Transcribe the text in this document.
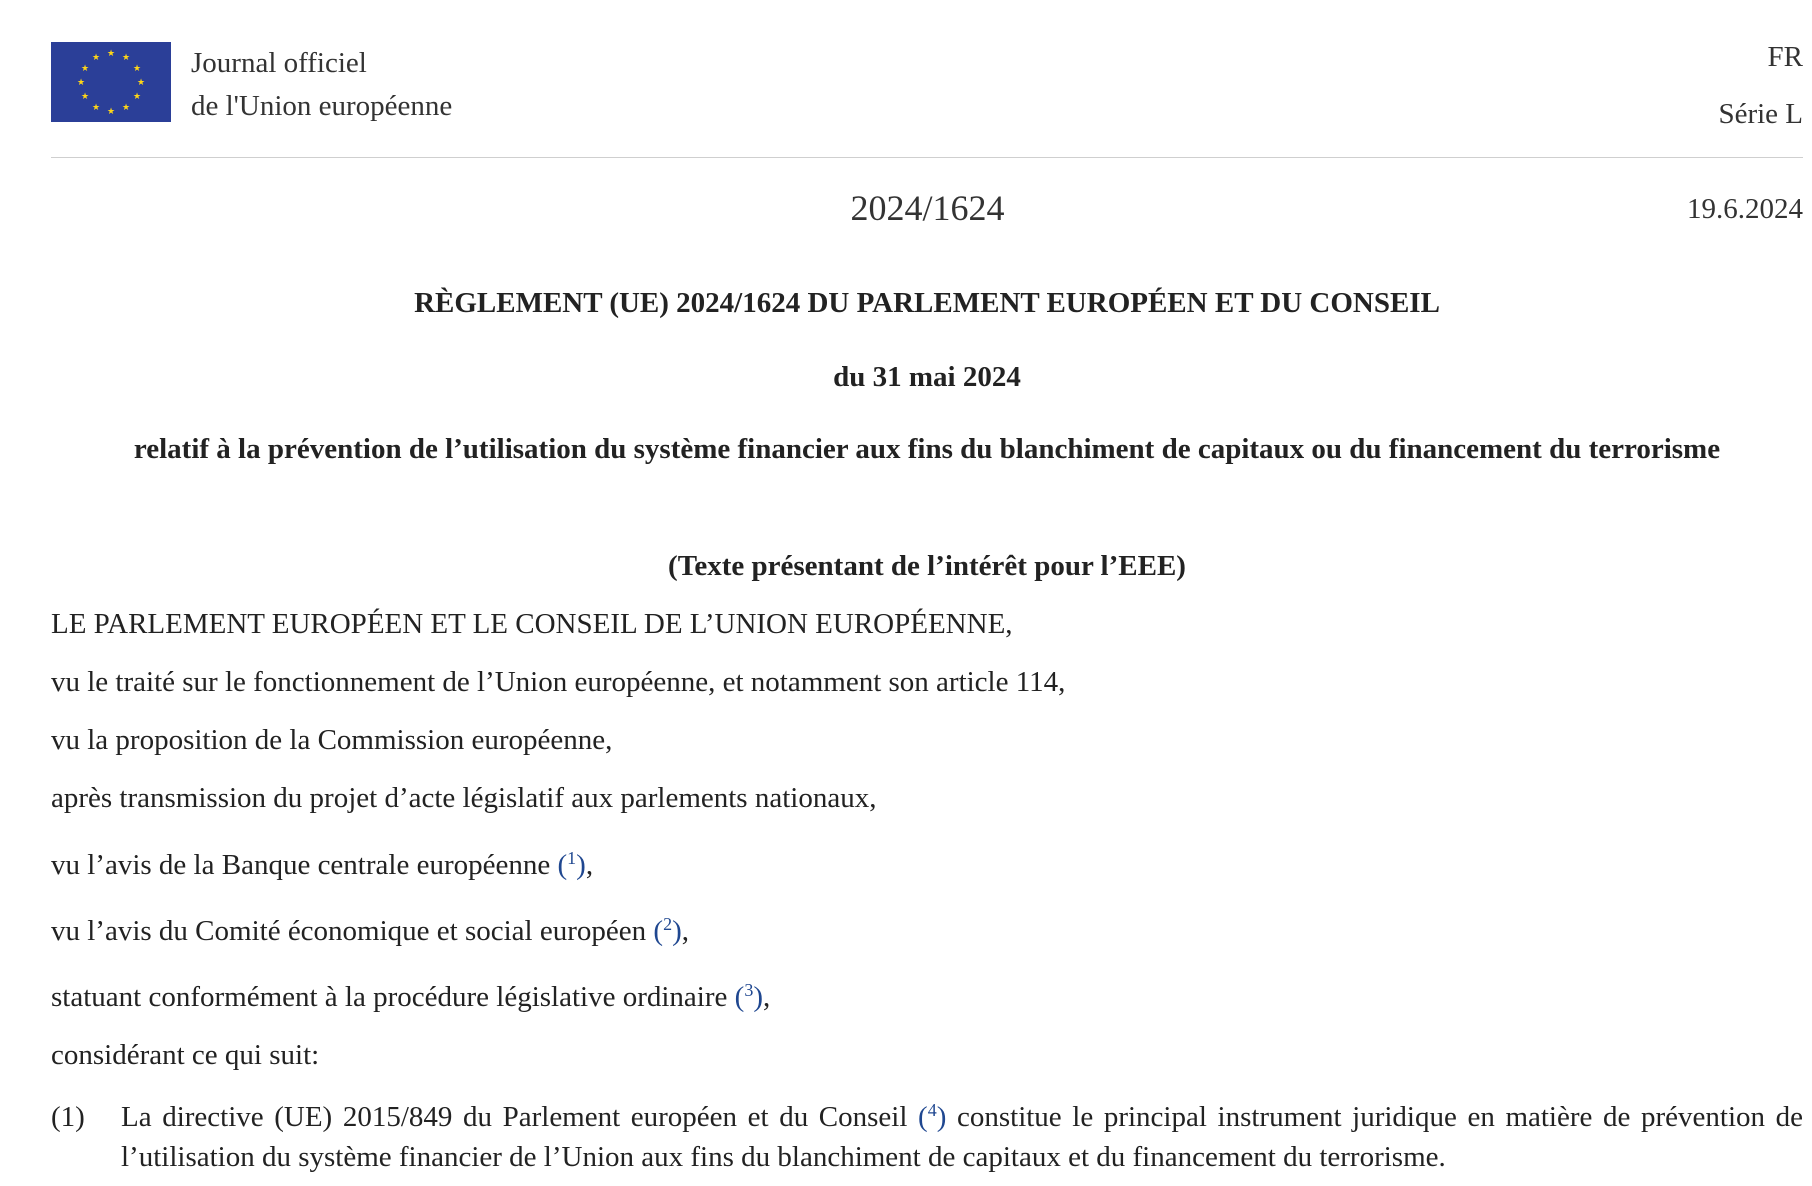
★ ★
★
★
★
★
★
★
★
★
★
★	Journal officiel
de l'Union européenne
FR
Série L
2024/1624	19.6.2024
RÈGLEMENT (UE) 2024/1624 DU PARLEMENT EUROPÉEN ET DU CONSEIL
du 31 mai 2024
relatif à la prévention de l’utilisation du système financier aux fins du blanchiment de capitaux ou du financement du terrorisme
(Texte présentant de l’intérêt pour l’EEE)
LE PARLEMENT EUROPÉEN ET LE CONSEIL DE L’UNION EUROPÉENNE,
vu le traité sur le fonctionnement de l’Union européenne, et notamment son article 114,
vu la proposition de la Commission européenne,
après transmission du projet d’acte législatif aux parlements nationaux,
vu l’avis de la Banque centrale européenne ($^1$),
vu l’avis du Comité économique et social européen ($^2$),
statuant conformément à la procédure législative ordinaire ($^3$),
considérant ce qui suit:
(1) La directive (UE) 2015/849 du Parlement européen et du Conseil ($^4$) constitue le principal instrument juridique en matière de prévention de l’utilisation du système financier de l’Union aux fins du blanchiment de capitaux et du financement du terrorisme.
